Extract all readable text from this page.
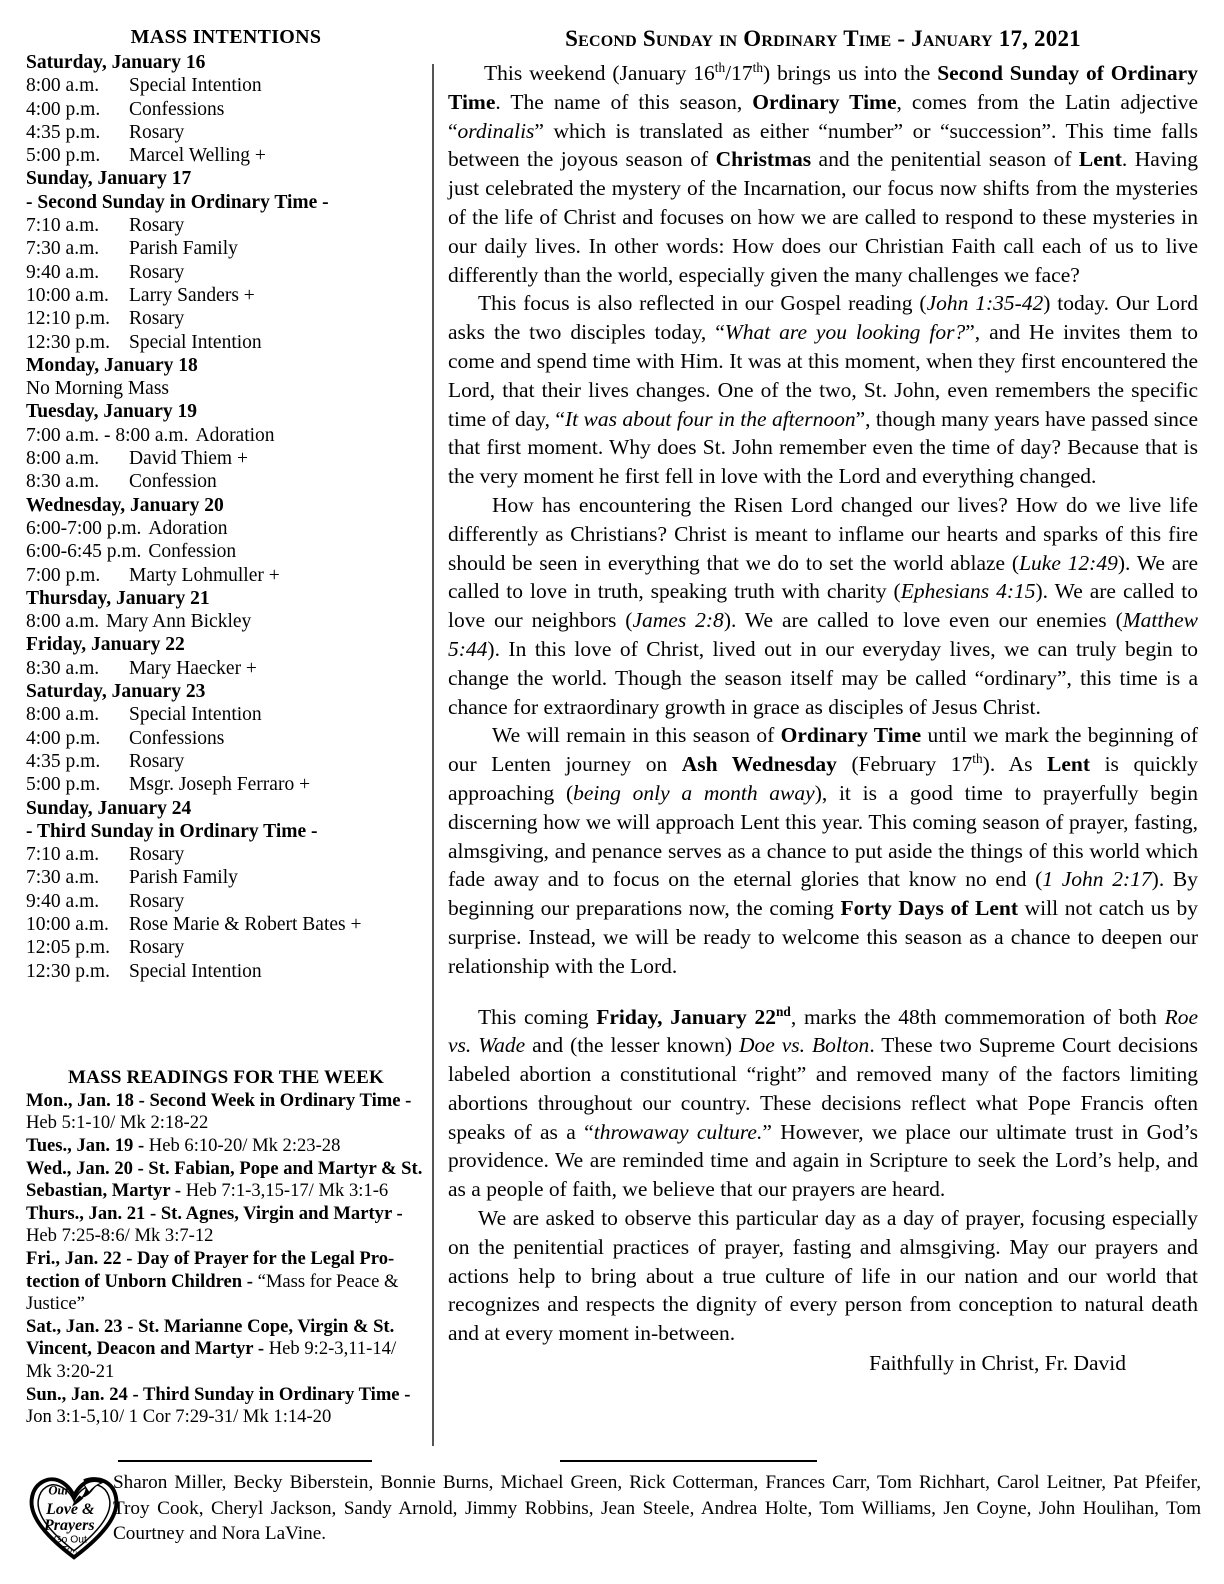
MASS INTENTIONS
Saturday, January 16
8:00 a.m.	Special Intention
4:00 p.m.	Confessions
4:35 p.m.	Rosary
5:00 p.m.	Marcel Welling +
Sunday, January 17
- Second Sunday in Ordinary Time -
7:10 a.m.	Rosary
7:30 a.m.	Parish Family
9:40 a.m.	Rosary
10:00 a.m.	Larry Sanders +
12:10 p.m. Rosary
12:30 p.m. Special Intention
Monday, January 18
No Morning Mass
Tuesday, January 19
7:00 a.m. - 8:00 a.m. Adoration
8:00 a.m.	David Thiem +
8:30 a.m.	Confession
Wednesday, January 20
6:00-7:00 p.m. Adoration
6:00-6:45 p.m. Confession
7:00 p.m.	Marty Lohmuller +
Thursday, January 21
8:00 a.m. Mary Ann Bickley
Friday, January 22
8:30 a.m.	Mary Haecker +
Saturday, January 23
8:00 a.m.	Special Intention
4:00 p.m.	Confessions
4:35 p.m.	Rosary
5:00 p.m.	Msgr. Joseph Ferraro +
Sunday, January 24
- Third Sunday in Ordinary Time -
7:10 a.m.	Rosary
7:30 a.m.	Parish Family
9:40 a.m.	Rosary
10:00 a.m.	Rose Marie & Robert Bates +
12:05 p.m. Rosary
12:30 p.m. Special Intention
MASS READINGS FOR THE WEEK
Mon., Jan. 18 - Second Week in Ordinary Time - Heb 5:1-10/ Mk 2:18-22
Tues., Jan. 19 - Heb 6:10-20/ Mk 2:23-28
Wed., Jan. 20 - St. Fabian, Pope and Martyr & St. Sebastian, Martyr - Heb 7:1-3,15-17/ Mk 3:1-6
Thurs., Jan. 21 - St. Agnes, Virgin and Martyr - Heb 7:25-8:6/ Mk 3:7-12
Fri., Jan. 22 - Day of Prayer for the Legal Pro-tection of Unborn Children - “Mass for Peace & Justice”
Sat., Jan. 23 - St. Marianne Cope, Virgin & St. Vincent, Deacon and Martyr - Heb 9:2-3,11-14/ Mk 3:20-21
Sun., Jan. 24 - Third Sunday in Ordinary Time - Jon 3:1-5,10/ 1 Cor 7:29-31/ Mk 1:14-20
Second Sunday in Ordinary Time - January 17, 2021

This weekend (January 16th/17th) brings us into the Second Sunday of Ordinary Time. The name of this season, Ordinary Time, comes from the Latin adjective “ordinalis” which is translated as either “number” or “succession”. This time falls between the joyous season of Christmas and the penitential season of Lent. Having just celebrated the mystery of the Incarnation, our focus now shifts from the mysteries of the life of Christ and focuses on how we are called to respond to these mysteries in our daily lives. In other words: How does our Christian Faith call each of us to live differently than the world, especially given the many challenges we face?

This focus is also reflected in our Gospel reading (John 1:35-42) today. Our Lord asks the two disciples today, “What are you looking for?”, and He invites them to come and spend time with Him. It was at this moment, when they first encountered the Lord, that their lives changes. One of the two, St. John, even remembers the specific time of day, “It was about four in the afternoon”, though many years have passed since that first moment. Why does St. John remember even the time of day? Because that is the very moment he first fell in love with the Lord and everything changed.

How has encountering the Risen Lord changed our lives? How do we live life differently as Christians? Christ is meant to inflame our hearts and sparks of this fire should be seen in everything that we do to set the world ablaze (Luke 12:49). We are called to love in truth, speaking truth with charity (Ephesians 4:15). We are called to love our neighbors (James 2:8). We are called to love even our enemies (Matthew 5:44). In this love of Christ, lived out in our everyday lives, we can truly begin to change the world. Though the season itself may be called “ordinary”, this time is a chance for extraordinary growth in grace as disciples of Jesus Christ.

We will remain in this season of Ordinary Time until we mark the beginning of our Lenten journey on Ash Wednesday (February 17th). As Lent is quickly approaching (being only a month away), it is a good time to prayerfully begin discerning how we will approach Lent this year. This coming season of prayer, fasting, almsgiving, and penance serves as a chance to put aside the things of this world which fade away and to focus on the eternal glories that know no end (1 John 2:17). By beginning our preparations now, the coming Forty Days of Lent will not catch us by surprise. Instead, we will be ready to welcome this season as a chance to deepen our relationship with the Lord.

This coming Friday, January 22nd, marks the 48th commemoration of both Roe vs. Wade and (the lesser known) Doe vs. Bolton. These two Supreme Court decisions labeled abortion a constitutional “right” and removed many of the factors limiting abortions throughout our country. These decisions reflect what Pope Francis often speaks of as a “throwaway culture.” However, we place our ultimate trust in God’s providence. We are reminded time and again in Scripture to seek the Lord’s help, and as a people of faith, we believe that our prayers are heard.

We are asked to observe this particular day as a day of prayer, focusing especially on the penitential practices of prayer, fasting and almsgiving. May our prayers and actions help to bring about a true culture of life in our nation and our world that recognizes and respects the dignity of every person from conception to natural death and at every moment in-between.

Faithfully in Christ, Fr. David
Our
Love &
Prayers
Go Out
To...
Sharon Miller, Becky Biberstein, Bonnie Burns, Michael Green, Rick Cotterman, Frances Carr, Tom Richhart, Carol Leitner, Pat Pfeifer, Troy Cook, Cheryl Jackson, Sandy Arnold, Jimmy Robbins, Jean Steele, Andrea Holte, Tom Williams, Jen Coyne, John Houlihan, Tom Courtney and Nora LaVine.
